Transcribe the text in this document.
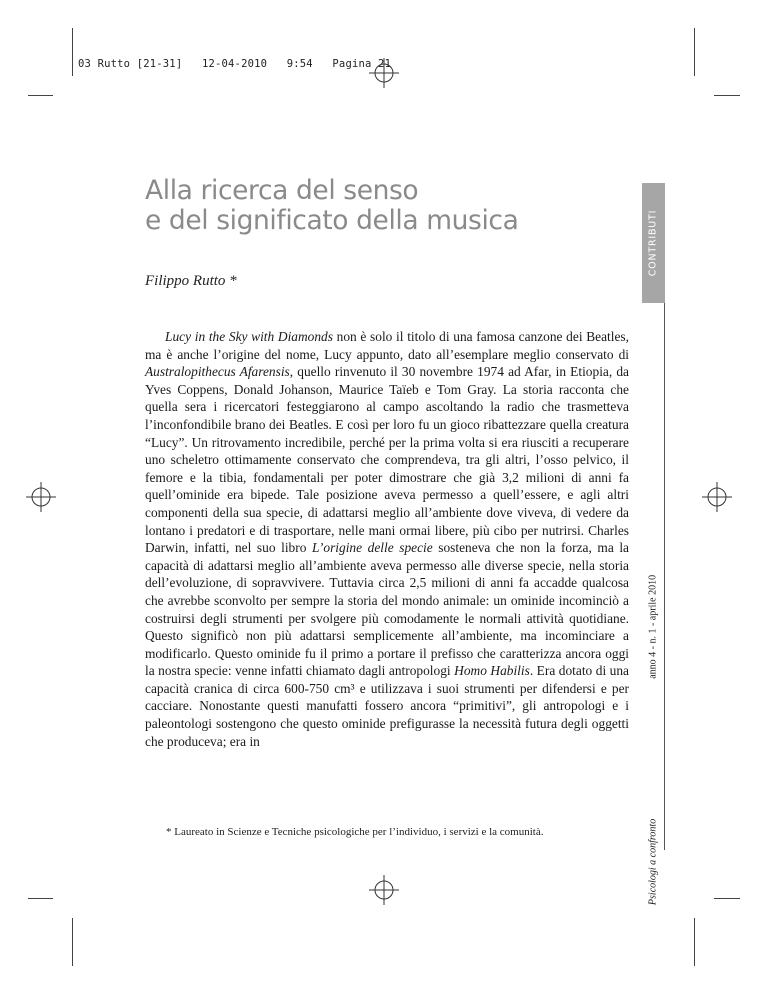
03 Rutto [21-31] 12-04-2010 9:54 Pagina 21
Alla ricerca del senso
e del significato della musica
Filippo Rutto *

Lucy in the Sky with Diamonds non è solo il titolo di una famosa canzone dei Beatles, ma è anche l’origine del nome, Lucy appunto, dato all’esemplare meglio conservato di Australopithecus Afarensis, quello rinvenuto il 30 novembre 1974 ad Afar, in Etiopia, da Yves Coppens, Donald Johanson, Maurice Taïeb e Tom Gray. La storia racconta che quella sera i ricercatori festeggiarono al campo ascoltando la radio che trasmetteva l’inconfondibile brano dei Beatles. E così per loro fu un gioco ribattezzare quella creatura “Lucy”. Un ritrovamento incredibile, perché per la prima volta si era riusciti a recuperare uno scheletro ottimamente conservato che comprendeva, tra gli altri, l’osso pelvico, il femore e la tibia, fondamentali per poter dimostrare che già 3,2 milioni di anni fa quell’ominide era bipede. Tale posizione aveva permesso a quell’essere, e agli altri componenti della sua specie, di adattarsi meglio all’ambiente dove viveva, di vedere da lontano i predatori e di trasportare, nelle mani ormai libere, più cibo per nutrirsi. Charles Darwin, infatti, nel suo libro L’origine delle specie sosteneva che non la forza, ma la capacità di adattarsi meglio all’ambiente aveva permesso alle diverse specie, nella storia dell’evoluzione, di sopravvivere. Tuttavia circa 2,5 milioni di anni fa accadde qualcosa che avrebbe sconvolto per sempre la storia del mondo animale: un ominide incominciò a costruirsi degli strumenti per svolgere più comodamente le normali attività quotidiane. Questo significò non più adattarsi semplicemente all’ambiente, ma incominciare a modificarlo. Questo ominide fu il primo a portare il prefisso che caratterizza ancora oggi la nostra specie: venne infatti chiamato dagli antropologi Homo Habilis. Era dotato di una capacità cranica di circa 600-750 cm³ e utilizzava i suoi strumenti per difendersi e per cacciare. Nonostante questi manufatti fossero ancora “primitivi”, gli antropologi e i paleontologi sostengono che questo ominide prefigurasse la necessità futura degli oggetti che produceva; era in

* Laureato in Scienze e Tecniche psicologiche per l’individuo, i servizi e la comunità.
CONTRIBUTI
Psicologi a confrontoanno 4 - n. 1 - aprile 2010
